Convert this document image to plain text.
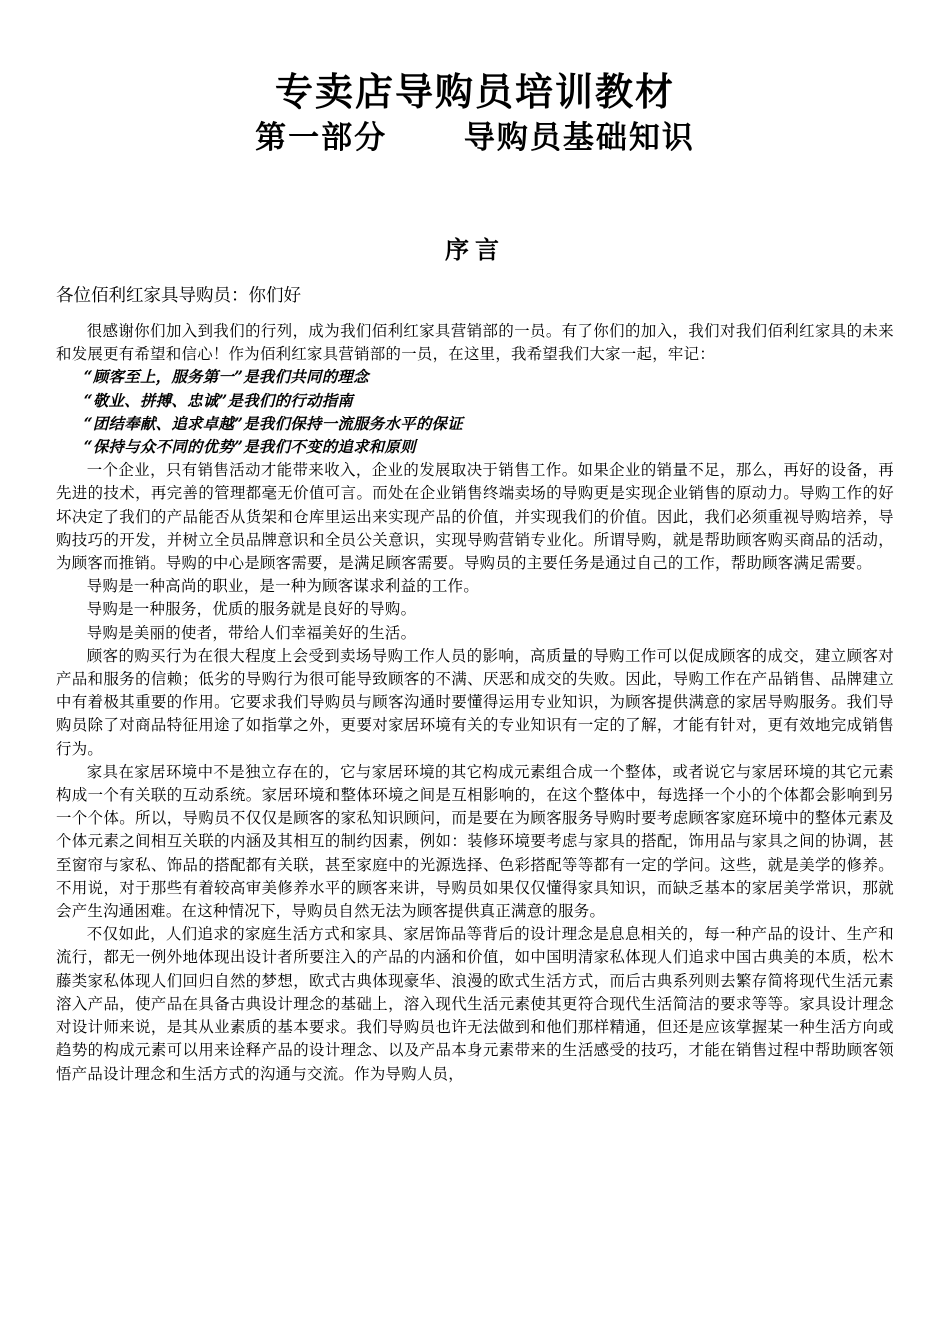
专卖店导购员培训教材
第一部分      导购员基础知识
序言

各位佰利红家具导购员：你们好

很感谢你们加入到我们的行列，成为我们佰利红家具营销部的一员。有了你们的加入，我们对我们佰利红家具的未来和发展更有希望和信心！作为佰利红家具营销部的一员，在这里，我希望我们大家一起，牢记：

“顾客至上，服务第一”是我们共同的理念

“敬业、拼搏、忠诚”是我们的行动指南

“团结奉献、追求卓越”是我们保持一流服务水平的保证

“保持与众不同的优势”是我们不变的追求和原则

一个企业，只有销售活动才能带来收入，企业的发展取决于销售工作。如果企业的销量不足，那么，再好的设备，再先进的技术，再完善的管理都毫无价值可言。而处在企业销售终端卖场的导购更是实现企业销售的原动力。导购工作的好坏决定了我们的产品能否从货架和仓库里运出来实现产品的价值，并实现我们的价值。因此，我们必须重视导购培养，导购技巧的开发，并树立全员品牌意识和全员公关意识，实现导购营销专业化。所谓导购，就是帮助顾客购买商品的活动，为顾客而推销。导购的中心是顾客需要，是满足顾客需要。导购员的主要任务是通过自己的工作，帮助顾客满足需要。

导购是一种高尚的职业，是一种为顾客谋求利益的工作。

导购是一种服务，优质的服务就是良好的导购。

导购是美丽的使者，带给人们幸福美好的生活。

顾客的购买行为在很大程度上会受到卖场导购工作人员的影响，高质量的导购工作可以促成顾客的成交，建立顾客对产品和服务的信赖；低劣的导购行为很可能导致顾客的不满、厌恶和成交的失败。因此，导购工作在产品销售、品牌建立中有着极其重要的作用。它要求我们导购员与顾客沟通时要懂得运用专业知识，为顾客提供满意的家居导购服务。我们导购员除了对商品特征用途了如指掌之外，更要对家居环境有关的专业知识有一定的了解，才能有针对，更有效地完成销售行为。

家具在家居环境中不是独立存在的，它与家居环境的其它构成元素组合成一个整体，或者说它与家居环境的其它元素构成一个有关联的互动系统。家居环境和整体环境之间是互相影响的，在这个整体中，每选择一个小的个体都会影响到另一个个体。所以，导购员不仅仅是顾客的家私知识顾问，而是要在为顾客服务导购时要考虑顾客家庭环境中的整体元素及个体元素之间相互关联的内涵及其相互的制约因素，例如：装修环境要考虑与家具的搭配，饰用品与家具之间的协调，甚至窗帘与家私、饰品的搭配都有关联，甚至家庭中的光源选择、色彩搭配等等都有一定的学问。这些，就是美学的修养。不用说，对于那些有着较高审美修养水平的顾客来讲，导购员如果仅仅懂得家具知识，而缺乏基本的家居美学常识，那就会产生沟通困难。在这种情况下，导购员自然无法为顾客提供真正满意的服务。

不仅如此，人们追求的家庭生活方式和家具、家居饰品等背后的设计理念是息息相关的，每一种产品的设计、生产和流行，都无一例外地体现出设计者所要注入的产品的内涵和价值，如中国明清家私体现人们追求中国古典美的本质，松木藤类家私体现人们回归自然的梦想，欧式古典体现豪华、浪漫的欧式生活方式，而后古典系列则去繁存简将现代生活元素溶入产品，使产品在具备古典设计理念的基础上，溶入现代生活元素使其更符合现代生活简洁的要求等等。家具设计理念对设计师来说，是其从业素质的基本要求。我们导购员也许无法做到和他们那样精通，但还是应该掌握某一种生活方向或趋势的构成元素可以用来诠释产品的设计理念、以及产品本身元素带来的生活感受的技巧，才能在销售过程中帮助顾客领悟产品设计理念和生活方式的沟通与交流。作为导购人员，
